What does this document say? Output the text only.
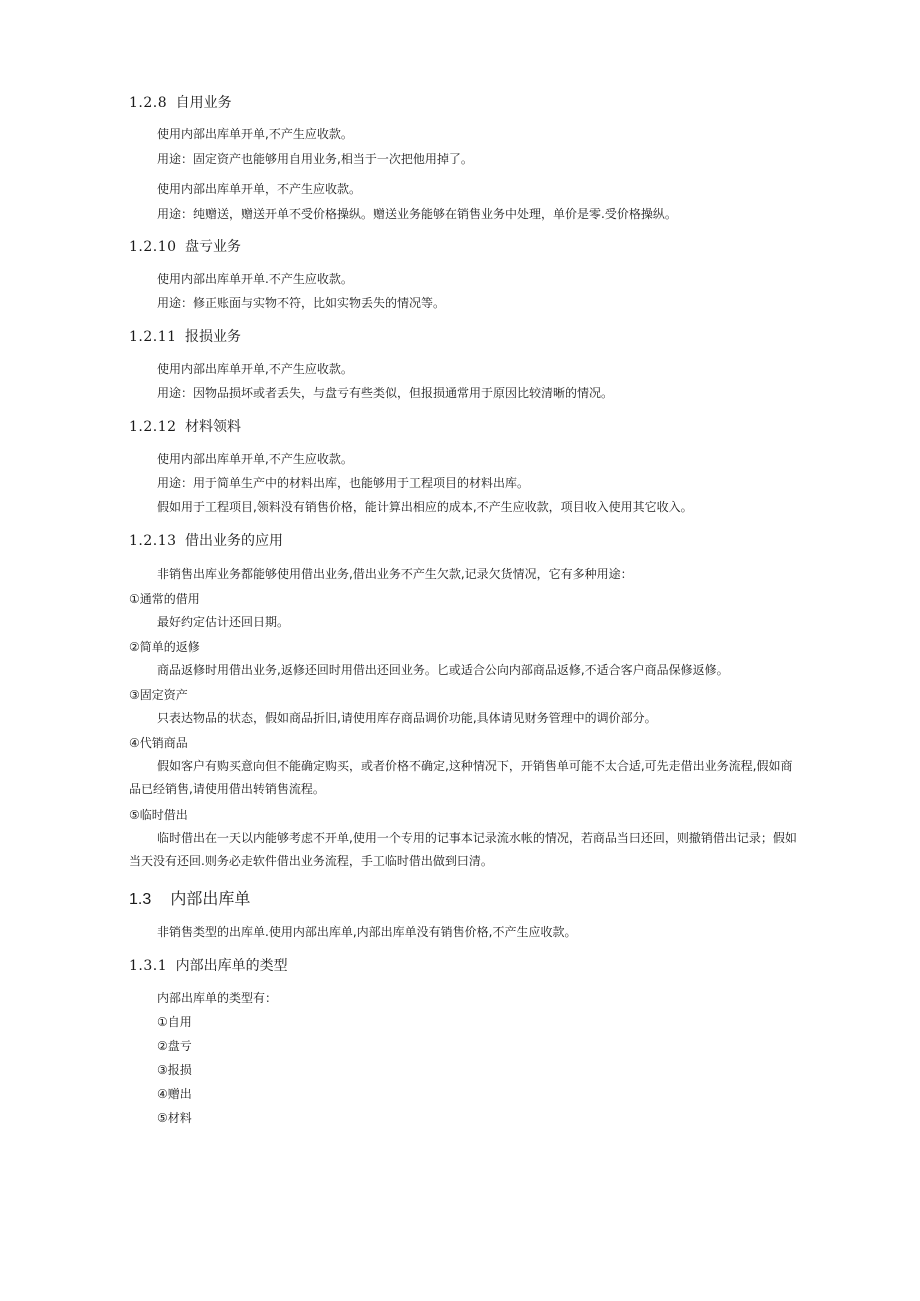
1.2.8 自用业务
使用内部出库单开单,不产生应收款。
用途：固定资产也能够用自用业务,相当于一次把他用掉了。
使用内部出库单开单，不产生应收款。
用途：纯赠送，赠送开单不受价格操纵。赠送业务能够在销售业务中处理，单价是零.受价格操纵。
1.2.10 盘亏业务
使用内部出库单开单.不产生应收款。
用途：修正账面与实物不符，比如实物丢失的情况等。
1.2.11 报损业务
使用内部出库单开单,不产生应收款。
用途：因物品损坏或者丢失，与盘亏有些类似，但报损通常用于原因比较清晰的情况。
1.2.12 材料领料
使用内部出库单开单,不产生应收款。
用途：用于简单生产中的材料出库，也能够用于工程项目的材料出库。
假如用于工程项目,领料没有销售价格，能计算出相应的成本,不产生应收款，项目收入使用其它收入。
1.2.13 借出业务的应用
非销售出库业务都能够使用借出业务,借出业务不产生欠款,记录欠货情况，它有多种用途：
①通常的借用
最好约定估计还回日期。
②简单的返修
商品返修时用借出业务,返修还回时用借出还回业务。匕或适合公向内部商品返修,不适合客户商品保修返修。
③固定资产
只表达物品的状态，假如商品折旧,请使用库存商品调价功能,具体请见财务管理中的调价部分。
④代销商品
假如客户有购买意向但不能确定购买，或者价格不确定,这种情况下，开销售单可能不太合适,可先走借出业务流程,假如商品已经销售,请使用借出转销售流程。
⑤临时借出
临时借出在一天以内能够考虑不开单,使用一个专用的记事本记录流水帐的情况，若商品当曰还回，则撤销借出记录；假如当天没有还回.则务必走软件借出业务流程，手工临时借出做到曰清。
1.3 内部出库单
非销售类型的出库单.使用内部出库单,内部出库单没有销售价格,不产生应收款。
1.3.1 内部出库单的类型
内部出库单的类型有：
①自用
②盘亏
③报损
④赠出
⑤材料
